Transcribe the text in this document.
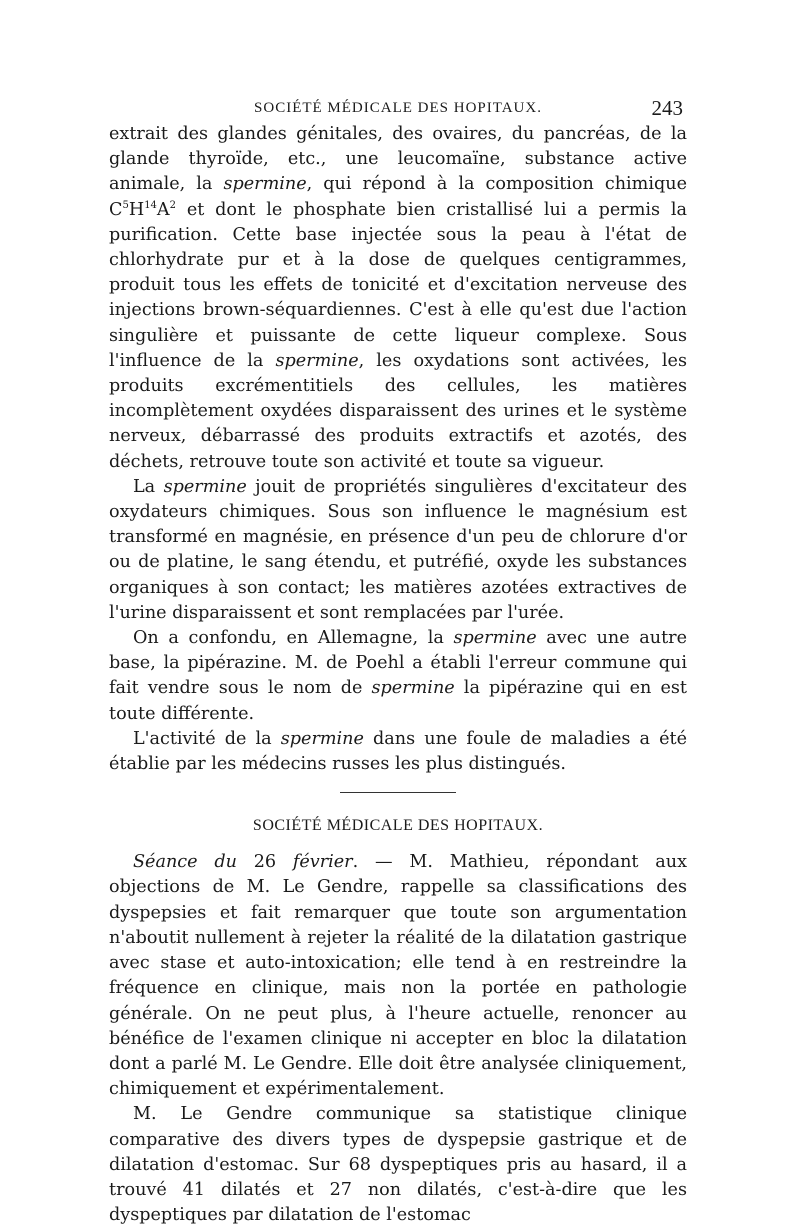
SOCIÉTÉ MÉDICALE DES HOPITAUX.	243

extrait des glandes génitales, des ovaires, du pancréas, de la glande thyroïde, etc., une leucomaïne, substance active animale, la spermine, qui répond à la composition chimique $C^5H^{14}A^2$ et dont le phosphate bien cristallisé lui a permis la purification. Cette base injectée sous la peau à l'état de chlorhydrate pur et à la dose de quelques centigrammes, produit tous les effets de tonicité et d'excitation nerveuse des injections brown-séquardiennes. C'est à elle qu'est due l'action singulière et puissante de cette liqueur complexe. Sous l'influence de la spermine, les oxydations sont activées, les produits excrémentitiels des cellules, les matières incomplètement oxydées disparaissent des urines et le système nerveux, débarrassé des produits extractifs et azotés, des déchets, retrouve toute son activité et toute sa vigueur.

La spermine jouit de propriétés singulières d'excitateur des oxydateurs chimiques. Sous son influence le magnésium est transformé en magnésie, en présence d'un peu de chlorure d'or ou de platine, le sang étendu, et putréfié, oxyde les substances organiques à son contact; les matières azotées extractives de l'urine disparaissent et sont remplacées par l'urée.

On a confondu, en Allemagne, la spermine avec une autre base, la pipérazine. M. de Poehl a établi l'erreur commune qui fait vendre sous le nom de spermine la pipérazine qui en est toute différente.

L'activité de la spermine dans une foule de maladies a été établie par les médecins russes les plus distingués.

SOCIÉTÉ MÉDICALE DES HOPITAUX.

Séance du 26 février. — M. Mathieu, répondant aux objections de M. Le Gendre, rappelle sa classifications des dyspepsies et fait remarquer que toute son argumentation n'aboutit nullement à rejeter la réalité de la dilatation gastrique avec stase et auto-intoxication; elle tend à en restreindre la fréquence en clinique, mais non la portée en pathologie générale. On ne peut plus, à l'heure actuelle, renoncer au bénéfice de l'examen clinique ni accepter en bloc la dilatation dont a parlé M. Le Gendre. Elle doit être analysée cliniquement, chimiquement et expérimentalement.

M. Le Gendre communique sa statistique clinique comparative des divers types de dyspepsie gastrique et de dilatation d'estomac. Sur 68 dyspeptiques pris au hasard, il a trouvé 41 dilatés et 27 non dilatés, c'est-à-dire que les dyspeptiques par dilatation de l'estomac
